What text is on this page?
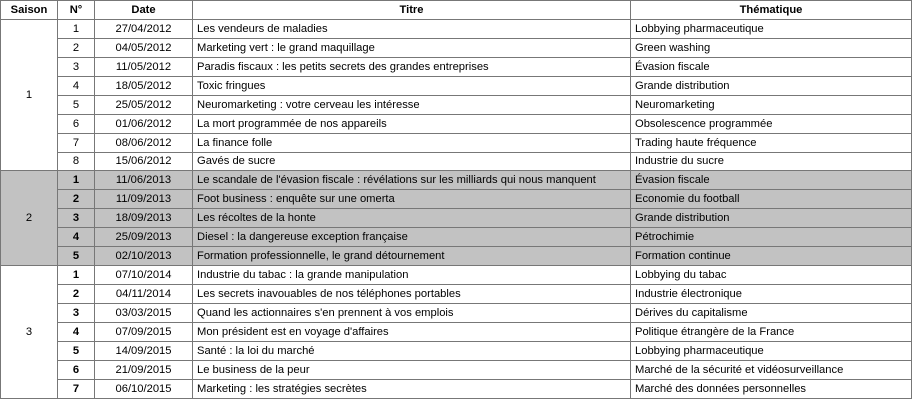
Saison	N°	Date	Titre	Thématique
1	1	27/04/2012	Les vendeurs de maladies	Lobbying pharmaceutique
	2	04/05/2012	Marketing vert : le grand maquillage	Green washing
	3	11/05/2012	Paradis fiscaux : les petits secrets des grandes entreprises	Évasion fiscale
	4	18/05/2012	Toxic fringues	Grande distribution
	5	25/05/2012	Neuromarketing : votre cerveau les intéresse	Neuromarketing
	6	01/06/2012	La mort programmée de nos appareils	Obsolescence programmée
	7	08/06/2012	La finance folle	Trading haute fréquence
	8	15/06/2012	Gavés de sucre	Industrie du sucre
2	1	11/06/2013	Le scandale de l'évasion fiscale : révélations sur les milliards qui nous manquent	Évasion fiscale
	2	11/09/2013	Foot business : enquête sur une omerta	Economie du football
	3	18/09/2013	Les récoltes de la honte	Grande distribution
	4	25/09/2013	Diesel : la dangereuse exception française	Pétrochimie
	5	02/10/2013	Formation professionnelle, le grand détournement	Formation continue
3	1	07/10/2014	Industrie du tabac : la grande manipulation	Lobbying du tabac
	2	04/11/2014	Les secrets inavouables de nos téléphones portables	Industrie électronique
	3	03/03/2015	Quand les actionnaires s'en prennent à vos emplois	Dérives du capitalisme
	4	07/09/2015	Mon président est en voyage d'affaires	Politique étrangère de la France
	5	14/09/2015	Santé : la loi du marché	Lobbying pharmaceutique
	6	21/09/2015	Le business de la peur	Marché de la sécurité et vidéosurveillance
	7	06/10/2015	Marketing : les stratégies secrètes	Marché des données personnelles
